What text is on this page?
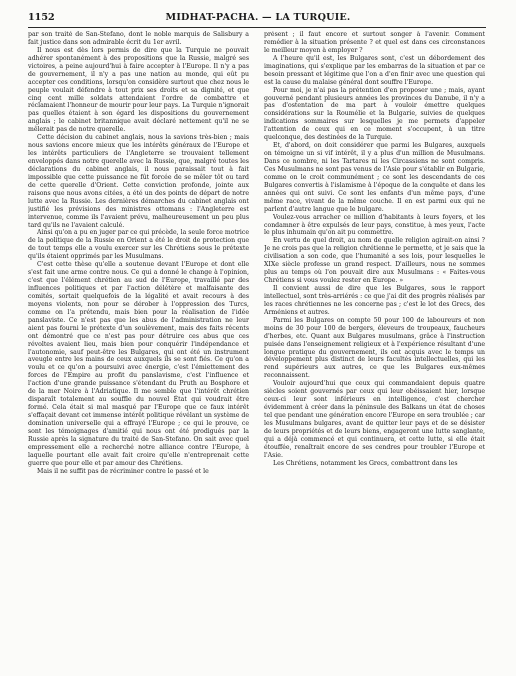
1152	MIDHAT-PACHA. — LA TURQUIE.

par son traité de San-Stefano, dont le noble marquis de Salisbury a fait justice dans son admirable écrit du 1er avril.

Il nous est dès lors permis de dire que la Turquie ne pouvait adhérer spontanément à des propositions que la Russie, malgré ses victoires, a peine aujourd'hui à faire accepter à l'Europe. Il n'y a pas de gouvernement, il n'y a pas une nation au monde, qui eût pu accepter ces conditions, lorsqu'on considère surtout que chez nous le peuple voulait défendre à tout prix ses droits et sa dignité, et que cinq cent mille soldats attendaient l'ordre de combattre et réclamaient l'honneur de mourir pour leur pays. La Turquie n'ignorait pas quelles étaient à son égard les dispositions du gouvernement anglais ; le cabinet britannique avait déclaré nettement qu'il ne se mêlerait pas de notre querelle.

Cette décision du cabinet anglais, nous la savions très-bien ; mais nous savions encore mieux que les intérêts généraux de l'Europe et les intérêts particuliers de l'Angleterre se trouvaient tellement enveloppés dans notre querelle avec la Russie, que, malgré toutes les déclarations du cabinet anglais, il nous paraissait tout à fait impossible que cette puissance ne fût forcée de se mêler tôt ou tard de cette querelle d'Orient. Cette conviction profonde, jointe aux raisons que nous avons citées, a été un des points de départ de notre lutte avec la Russie. Les dernières démarches du cabinet anglais ont justifié les prévisions des ministres ottomans : l'Angleterre est intervenue, comme ils l'avaient prévu, malheureusement un peu plus tard qu'ils ne l'avaient calculé.

Ainsi qu'on a pu en juger par ce qui précède, la seule force motrice de la politique de la Russie en Orient a été le droit de protection que de tout temps elle a voulu exercer sur les Chrétiens sous le prétexte qu'ils étaient opprimés par les Musulmans.

C'est cette thèse qu'elle a soutenue devant l'Europe et dont elle s'est fait une arme contre nous. Ce qui a donné le change à l'opinion, c'est que l'élément chrétien au sud de l'Europe, travaillé par des influences politiques et par l'action délétère et malfaisante des comités, sortait quelquefois de la légalité et avait recours à des moyens violents, non pour se dérober à l'oppression des Turcs, comme on l'a prétendu, mais bien pour la réalisation de l'idée panslaviste. Ce n'est pas que les abus de l'administration ne leur aient pas fourni le prétexte d'un soulèvement, mais des faits récents ont démontré que ce n'est pas pour détruire ces abus que ces révoltes avaient lieu, mais bien pour conquérir l'indépendance et l'autonomie, sauf peut-être les Bulgares, qui ont été un instrument aveugle entre les mains de ceux auxquels ils se sont fiés. Ce qu'on a voulu et ce qu'on a poursuivi avec énergie, c'est l'émiettement des forces de l'Empire au profit du panslavisme, c'est l'influence et l'action d'une grande puissance s'étendant du Pruth au Bosphore et de la mer Noire à l'Adriatique. Il me semble que l'intérêt chrétien disparaît totalement au souffle du nouvel État qui voudrait être formé. Cela était si mal masqué par l'Europe que ce faux intérêt s'effaçait devant cet immense intérêt politique révélant un système de domination universelle qui a effrayé l'Europe ; ce qui le prouve, ce sont les témoignages d'amitié qui nous ont été prodigués par la Russie après la signature du traité de San-Stefano. On sait avec quel empressement elle a recherché notre alliance contre l'Europe, à laquelle pourtant elle avait fait croire qu'elle n'entreprenait cette guerre que pour elle et par amour des Chrétiens.

Mais il ne suffit pas de récriminer contre le passé et le

présent ; il faut encore et surtout songer à l'avenir. Comment remédier à la situation présente ? et quel est dans ces circonstances le meilleur moyen à employer ?

A l'heure qu'il est, les Bulgares sont, c'est un débordement des imaginations, qui s'explique par les embarras de la situation et par ce besoin pressant et légitime que l'on a d'en finir avec une question qui est la cause du malaise général dont souffre l'Europe.

Pour moi, je n'ai pas la prétention d'en proposer une ; mais, ayant gouverné pendant plusieurs années les provinces du Danube, il n'y a pas d'ostentation de ma part à vouloir émettre quelques considérations sur la Roumélie et la Bulgarie, suivies de quelques indications sommaires sur lesquelles je me permets d'appeler l'attention de ceux qui en ce moment s'occupent, à un titre quelconque, des destinées de la Turquie.

Et, d'abord, on doit considérer que parmi les Bulgares, auxquels on témoigne un si vif intérêt, il y a plus d'un million de Musulmans. Dans ce nombre, ni les Tartares ni les Circassiens ne sont compris. Ces Musulmans ne sont pas venus de l'Asie pour s'établir en Bulgarie, comme on le croit communément ; ce sont les descendants de ces Bulgares convertis à l'islamisme à l'époque de la conquête et dans les années qui ont suivi. Ce sont les enfants d'un même pays, d'une même race, vivant de la même couche. Il en est parmi eux qui ne parlent d'autre langue que le bulgare.

Voulez-vous arracher ce million d'habitants à leurs foyers, et les condamner à être expulsés de leur pays, constitue, à mes yeux, l'acte le plus inhumain qu'on ait pu commettre.

En vertu de quel droit, au nom de quelle religion agirait-on ainsi ? Je ne crois pas que la religion chrétienne le permette, et je sais que la civilisation a son code, que l'humanité a ses lois, pour lesquelles le XIXe siècle professe un grand respect. D'ailleurs, nous ne sommes plus au temps où l'on pouvait dire aux Musulmans : « Faites-vous Chrétiens si vous voulez rester en Europe. »

Il convient aussi de dire que les Bulgares, sous le rapport intellectuel, sont très-arriérés : ce que j'ai dit des progrès réalisés par les races chrétiennes ne les concerne pas ; c'est le lot des Grecs, des Arméniens et autres.

Parmi les Bulgares on compte 50 pour 100 de laboureurs et non moins de 30 pour 100 de bergers, éleveurs de troupeaux, faucheurs d'herbes, etc. Quant aux Bulgares musulmans, grâce à l'instruction puisée dans l'enseignement religieux et à l'expérience résultant d'une longue pratique du gouvernement, ils ont acquis avec le temps un développement plus distinct de leurs facultés intellectuelles, qui les rend supérieurs aux autres, ce que les Bulgares eux-mêmes reconnaissent.

Vouloir aujourd'hui que ceux qui commandaient depuis quatre siècles soient gouvernés par ceux qui leur obéissaient hier, lorsque ceux-ci leur sont inférieurs en intelligence, c'est chercher évidemment à créer dans la péninsule des Balkans un état de choses tel que pendant une génération encore l'Europe en sera troublée ; car les Musulmans bulgares, avant de quitter leur pays et de se désister de leurs propriétés et de leurs biens, engageront une lutte sanglante, qui a déjà commencé et qui continuera, et cette lutte, si elle était étouffée, renaîtrait encore de ses cendres pour troubler l'Europe et l'Asie.

Les Chrétiens, notamment les Grecs, combattront dans les
